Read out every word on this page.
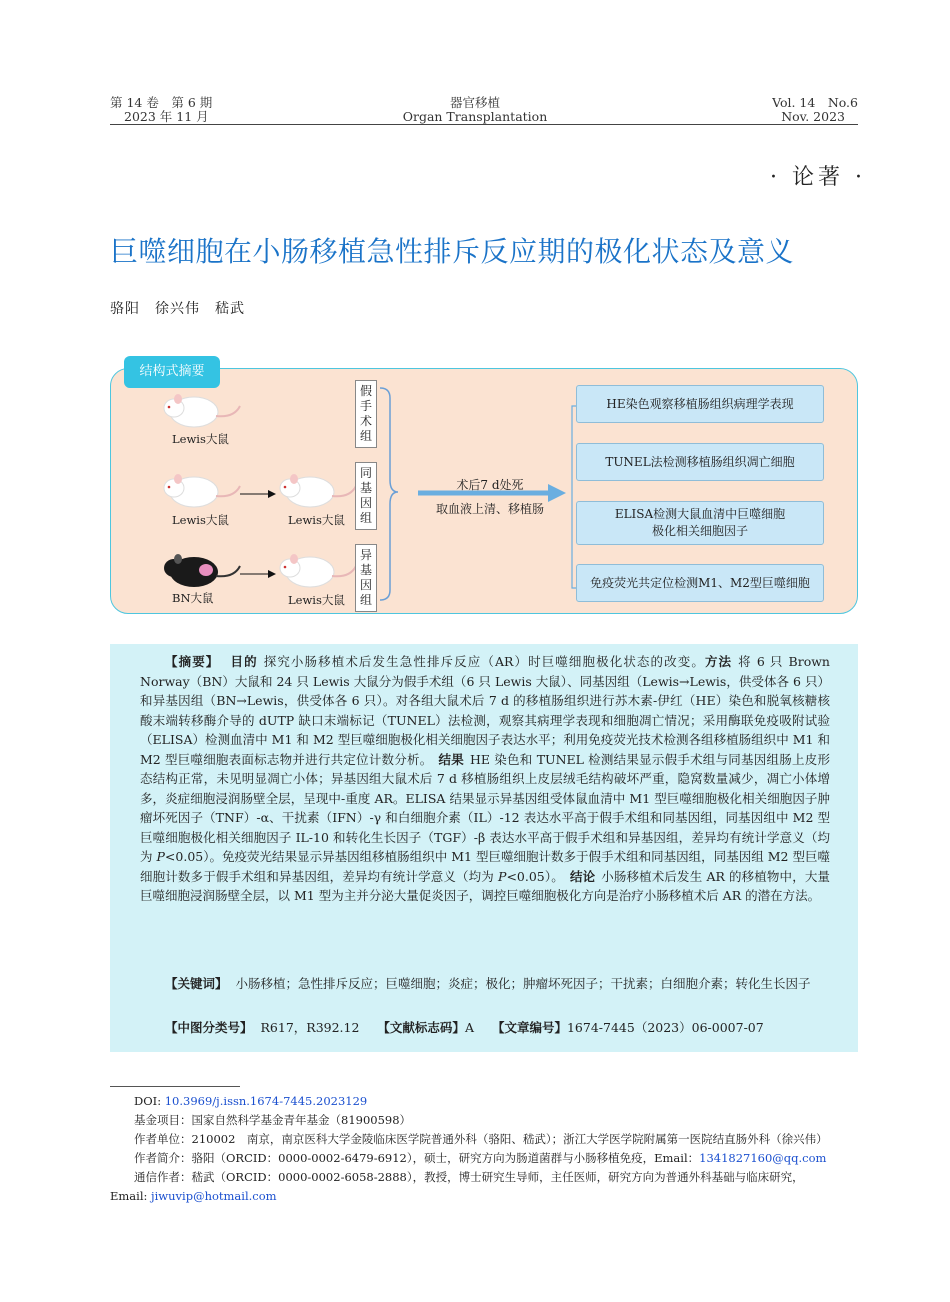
第 14 卷　第 6 期
2023 年 11 月
器官移植
Organ Transplantation
Vol. 14　No.6
Nov. 2023
· 论著 ·
巨噬细胞在小肠移植急性排斥反应期的极化状态及意义
骆阳　徐兴伟　嵇武
结构式摘要
Lewis大鼠
Lewis大鼠	Lewis大鼠
BN大鼠	Lewis大鼠
假手术组
同基因组
异基因组
术后7 d处死
取血液上清、移植肠
HE染色观察移植肠组织病理学表现
TUNEL法检测移植肠组织凋亡细胞
ELISA检测大鼠血清中巨噬细胞
极化相关细胞因子
免疫荧光共定位检测M1、M2型巨噬细胞

【摘要】 目的 探究小肠移植术后发生急性排斥反应（AR）时巨噬细胞极化状态的改变。方法 将 6 只 Brown Norway（BN）大鼠和 24 只 Lewis 大鼠分为假手术组（6 只 Lewis 大鼠）、同基因组（Lewis→Lewis，供受体各 6 只）和异基因组（BN→Lewis，供受体各 6 只）。对各组大鼠术后 7 d 的移植肠组织进行苏木素-伊红（HE）染色和脱氧核糖核酸末端转移酶介导的 dUTP 缺口末端标记（TUNEL）法检测，观察其病理学表现和细胞凋亡情况；采用酶联免疫吸附试验（ELISA）检测血清中 M1 和 M2 型巨噬细胞极化相关细胞因子表达水平；利用免疫荧光技术检测各组移植肠组织中 M1 和 M2 型巨噬细胞表面标志物并进行共定位计数分析。 结果 HE 染色和 TUNEL 检测结果显示假手术组与同基因组肠上皮形态结构正常，未见明显凋亡小体；异基因组大鼠术后 7 d 移植肠组织上皮层绒毛结构破坏严重，隐窝数量减少，凋亡小体增多，炎症细胞浸润肠壁全层，呈现中-重度 AR。ELISA 结果显示异基因组受体鼠血清中 M1 型巨噬细胞极化相关细胞因子肿瘤坏死因子（TNF）-α、干扰素（IFN）-γ 和白细胞介素（IL）-12 表达水平高于假手术组和同基因组，同基因组中 M2 型巨噬细胞极化相关细胞因子 IL-10 和转化生长因子（TGF）-β 表达水平高于假手术组和异基因组，差异均有统计学意义（均为 P<0.05）。免疫荧光结果显示异基因组移植肠组织中 M1 型巨噬细胞计数多于假手术组和同基因组，同基因组 M2 型巨噬细胞计数多于假手术组和异基因组，差异均有统计学意义（均为 P<0.05）。 结论 小肠移植术后发生 AR 的移植物中，大量巨噬细胞浸润肠壁全层，以 M1 型为主并分泌大量促炎因子，调控巨噬细胞极化方向是治疗小肠移植术后 AR 的潜在方法。

【关键词】 小肠移植；急性排斥反应；巨噬细胞；炎症；极化；肿瘤坏死因子；干扰素；白细胞介素；转化生长因子
【中图分类号】 R617，R392.12 【文献标志码】A 【文章编号】1674-7445（2023）06-0007-07
DOI: 10.3969/j.issn.1674-7445.2023129
基金项目：国家自然科学基金青年基金（81900598）
作者单位：210002　南京，南京医科大学金陵临床医学院普通外科（骆阳、嵇武）；浙江大学医学院附属第一医院结直肠外科（徐兴伟）
作者简介：骆阳（ORCID：0000-0002-6479-6912），硕士，研究方向为肠道菌群与小肠移植免疫，Email：1341827160@qq.com
通信作者：嵇武（ORCID：0000-0002-6058-2888），教授，博士研究生导师，主任医师，研究方向为普通外科基础与临床研究，
Email: jiwuvip@hotmail.com
